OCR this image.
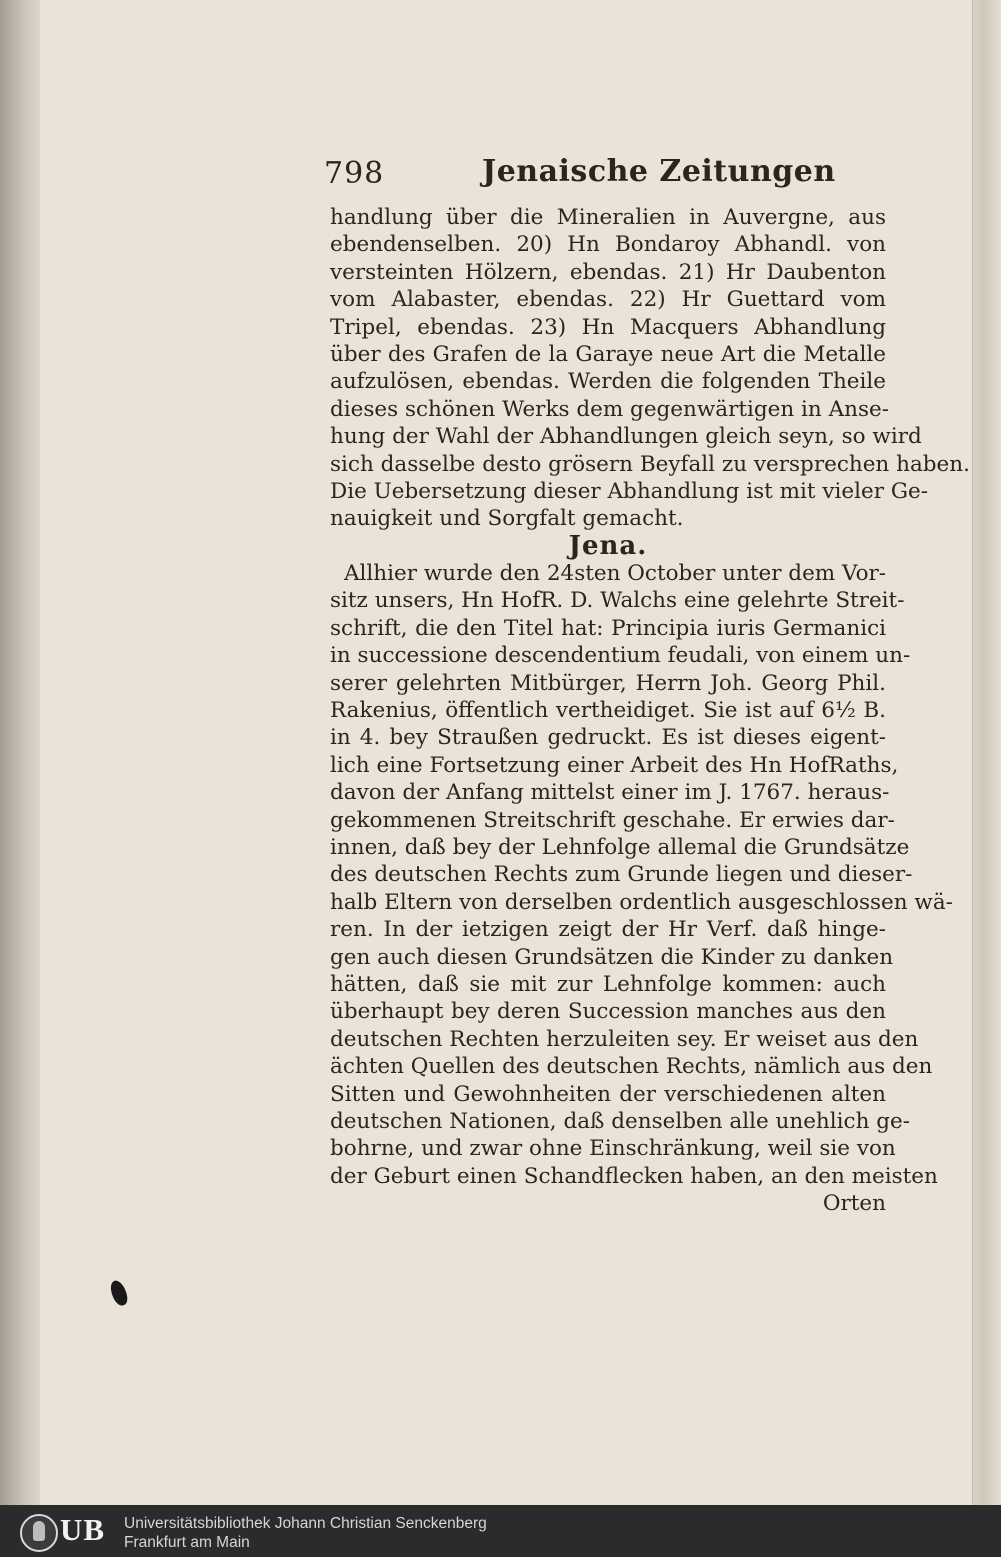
798	Jenaische Zeitungen
handlung über die Mineralien in Auvergne, aus
ebendenselben. 20) Hn Bondaroy Abhandl. von
versteinten Hölzern, ebendas. 21) Hr Daubenton
vom Alabaster, ebendas. 22) Hr Guettard vom
Tripel, ebendas. 23) Hn Macquers Abhandlung
über des Grafen de la Garaye neue Art die Metalle
aufzulösen, ebendas. Werden die folgenden Theile
dieses schönen Werks dem gegenwärtigen in Anse-
hung der Wahl der Abhandlungen gleich seyn, so wird
sich dasselbe desto grösern Beyfall zu versprechen haben.
Die Uebersetzung dieser Abhandlung ist mit vieler Ge-
nauigkeit und Sorgfalt gemacht.
Jena.
Allhier wurde den 24sten October unter dem Vor-
sitz unsers, Hn HofR. D. Walchs eine gelehrte Streit-
schrift, die den Titel hat: Principia iuris Germanici
in successione descendentium feudali, von einem un-
serer gelehrten Mitbürger, Herrn Joh. Georg Phil.
Rakenius, öffentlich vertheidiget. Sie ist auf 6½ B.
in 4. bey Straußen gedruckt. Es ist dieses eigent-
lich eine Fortsetzung einer Arbeit des Hn HofRaths,
davon der Anfang mittelst einer im J. 1767. heraus-
gekommenen Streitschrift geschahe. Er erwies dar-
innen, daß bey der Lehnfolge allemal die Grundsätze
des deutschen Rechts zum Grunde liegen und dieser-
halb Eltern von derselben ordentlich ausgeschlossen wä-
ren. In der ietzigen zeigt der Hr Verf. daß hinge-
gen auch diesen Grundsätzen die Kinder zu danken
hätten, daß sie mit zur Lehnfolge kommen: auch
überhaupt bey deren Succession manches aus den
deutschen Rechten herzuleiten sey. Er weiset aus den
ächten Quellen des deutschen Rechts, nämlich aus den
Sitten und Gewohnheiten der verschiedenen alten
deutschen Nationen, daß denselben alle unehlich ge-
bohrne, und zwar ohne Einschränkung, weil sie von
der Geburt einen Schandflecken haben, an den meisten
Orten
UB Universitätsbibliothek Johann Christian Senckenberg
Frankfurt am Main
